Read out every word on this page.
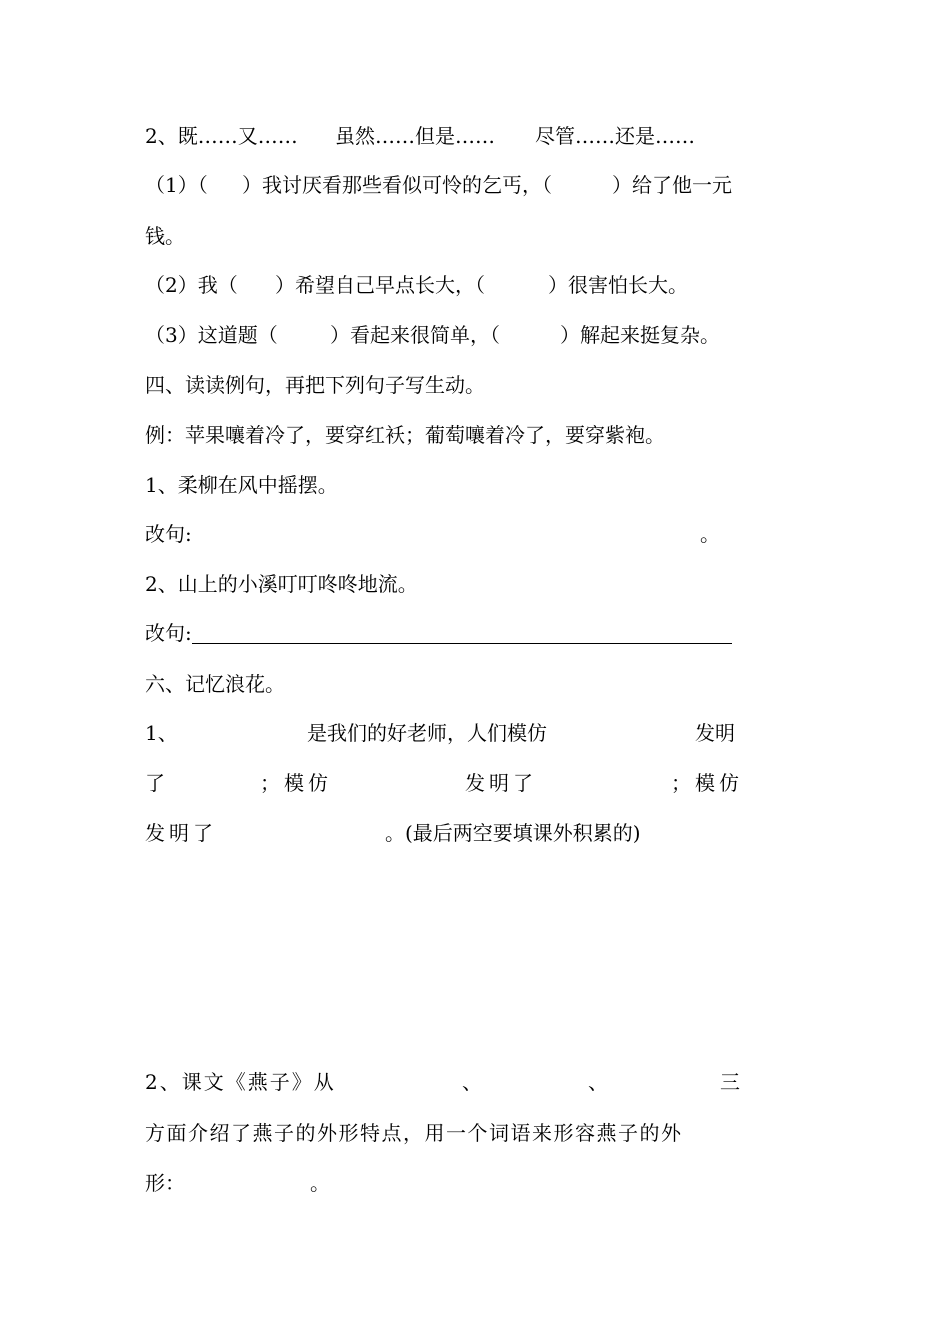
2、既……又…… 虽然……但是…… 尽管……还是……
（1）（ ）我讨厌看那些看似可怜的乞丐，（	）给了他一元
钱。
（2）我（ ）希望自己早点长大，（	）很害怕长大。
（3）这道题（	）看起来很简单，（	）解起来挺复杂。
四、读读例句，再把下列句子写生动。
例：苹果嚷着冷了，要穿红袄；葡萄嚷着冷了，要穿紫袍。
1、柔柳在风中摇摆。
改句:	。
2、山上的小溪叮叮咚咚地流。
改句:
六、记忆浪花。
1、	是我们的好老师，人们模仿	发明
了	；模仿	发明了	；模仿
发明了	。(最后两空要填课外积累的)
2、课文《燕子》从	、	、	三
方面介绍了燕子的外形特点，用一个词语来形容燕子的外
形：	。
